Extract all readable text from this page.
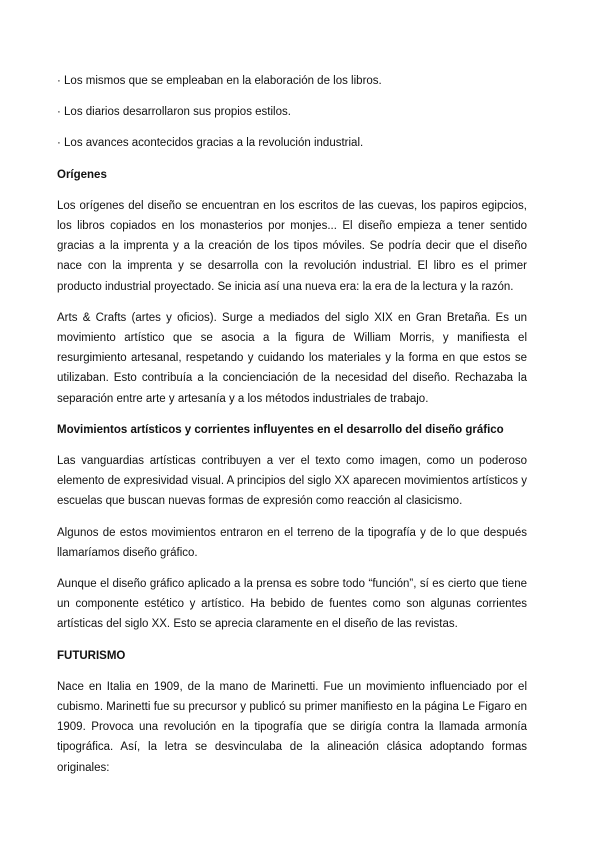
· Los mismos que se empleaban en la elaboración de los libros.

· Los diarios desarrollaron sus propios estilos.

· Los avances acontecidos gracias a la revolución industrial.

Orígenes

Los orígenes del diseño se encuentran en los escritos de las cuevas, los papiros egipcios, los libros copiados en los monasterios por monjes... El diseño empieza a tener sentido gracias a la imprenta y a la creación de los tipos móviles. Se podría decir que el diseño nace con la imprenta y se desarrolla con la revolución industrial. El libro es el primer producto industrial proyectado. Se inicia así una nueva era: la era de la lectura y la razón.

Arts & Crafts (artes y oficios). Surge a mediados del siglo XIX en Gran Bretaña. Es un movimiento artístico que se asocia a la figura de William Morris, y manifiesta el resurgimiento artesanal, respetando y cuidando los materiales y la forma en que estos se utilizaban. Esto contribuía a la concienciación de la necesidad del diseño. Rechazaba la separación entre arte y artesanía y a los métodos industriales de trabajo.

Movimientos artísticos y corrientes influyentes en el desarrollo del diseño gráfico

Las vanguardias artísticas contribuyen a ver el texto como imagen, como un poderoso elemento de expresividad visual. A principios del siglo XX aparecen movimientos artísticos y escuelas que buscan nuevas formas de expresión como reacción al clasicismo.

Algunos de estos movimientos entraron en el terreno de la tipografía y de lo que después llamaríamos diseño gráfico.

Aunque el diseño gráfico aplicado a la prensa es sobre todo “función”, sí es cierto que tiene un componente estético y artístico. Ha bebido de fuentes como son algunas corrientes artísticas del siglo XX. Esto se aprecia claramente en el diseño de las revistas.

FUTURISMO

Nace en Italia en 1909, de la mano de Marinetti. Fue un movimiento influenciado por el cubismo. Marinetti fue su precursor y publicó su primer manifiesto en la página Le Figaro en 1909. Provoca una revolución en la tipografía que se dirigía contra la llamada armonía tipográfica. Así, la letra se desvinculaba de la alineación clásica adoptando formas originales:
